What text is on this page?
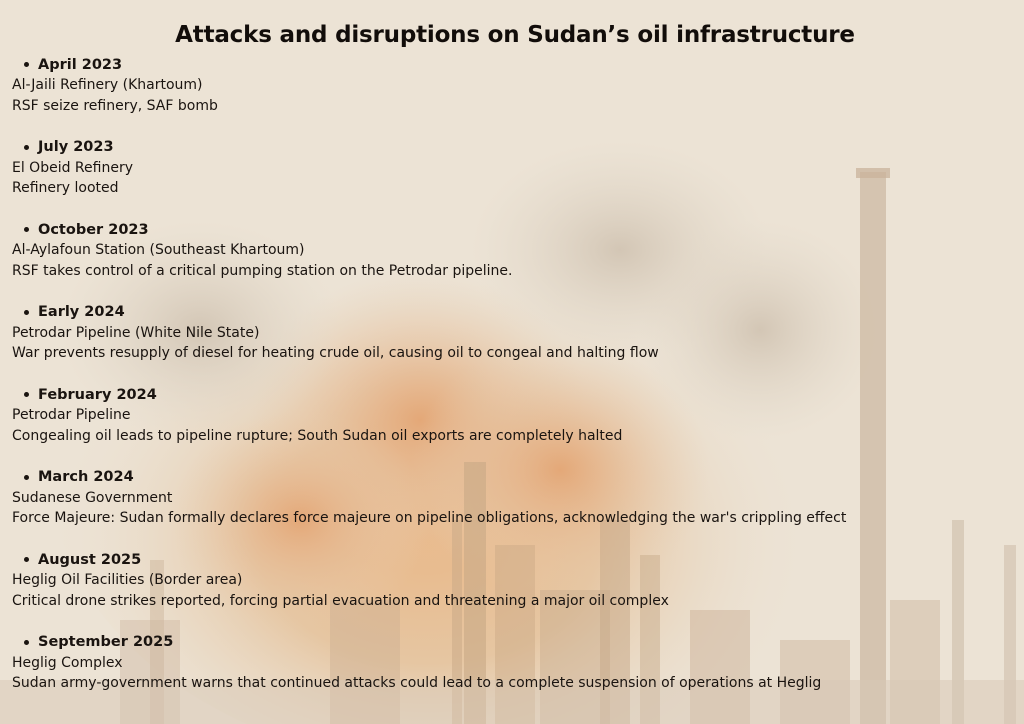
Attacks and disruptions on Sudan’s oil infrastructure
April 2023
Al-Jaili Refinery (Khartoum)
RSF seize refinery, SAF bomb
July 2023
El Obeid Refinery
Refinery looted
October 2023
Al-Aylafoun Station (Southeast Khartoum)
RSF takes control of a critical pumping station on the Petrodar pipeline.
Early 2024
Petrodar Pipeline (White Nile State)
War prevents resupply of diesel for heating crude oil, causing oil to congeal and halting flow
February 2024
Petrodar Pipeline
Congealing oil leads to pipeline rupture; South Sudan oil exports are completely halted
March 2024
Sudanese Government
Force Majeure: Sudan formally declares force majeure on pipeline obligations, acknowledging the war's crippling effect
August 2025
Heglig Oil Facilities (Border area)
Critical drone strikes reported, forcing partial evacuation and threatening a major oil complex
September 2025
Heglig Complex
Sudan army-government warns that continued attacks could lead to a complete suspension of operations at Heglig
